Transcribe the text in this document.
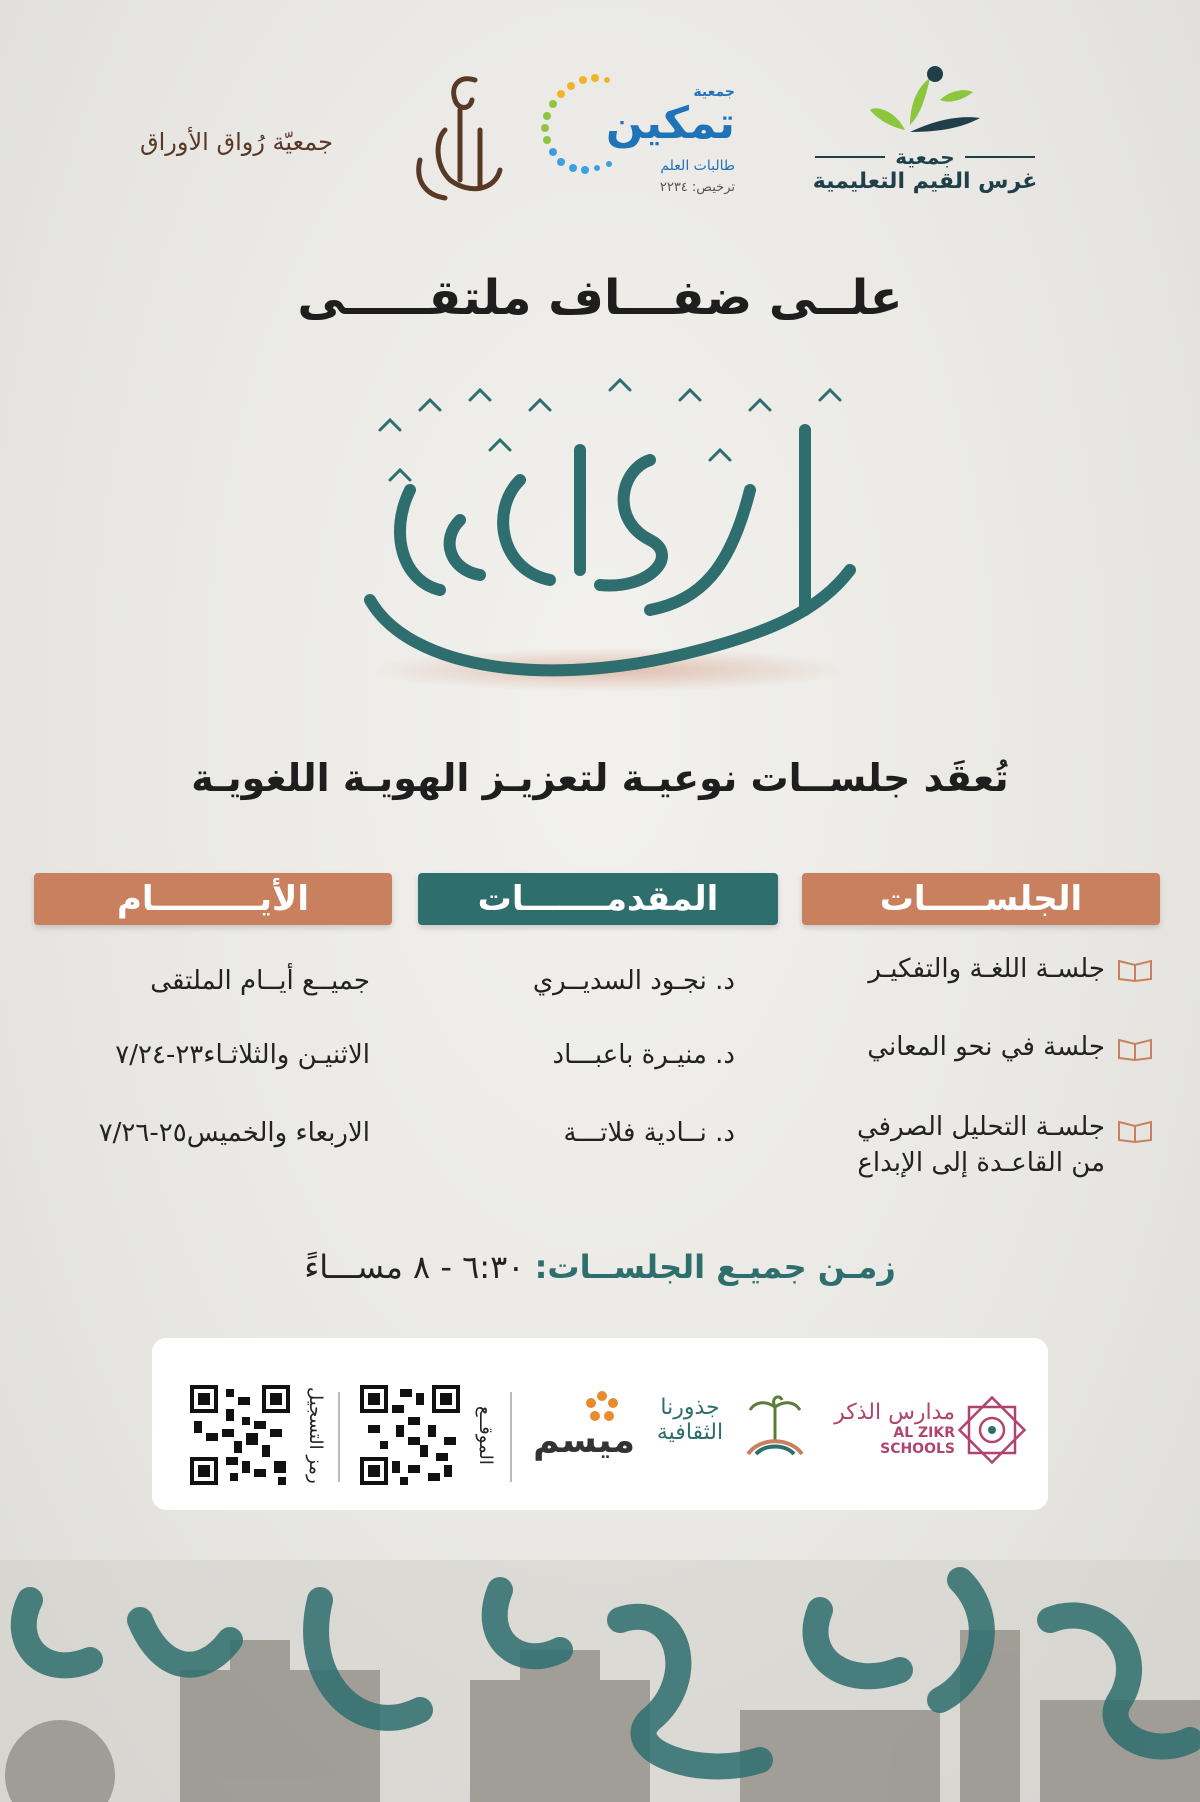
جمعية
غرس القيم التعليمية
جمعية
تمكين
طالبات العلم
ترخيص: ٢٢٣٤
جمعيّة رُواق الأوراق
علــى ضفـــاف ملتقـــــى
تُعقَد جلســات نوعيـة لتعزيـز الهويـة اللغويـة
الجلســـــات
المقدمـــــــات
الأيـــــــــام
جلسـة اللغـة والتفكيـر
د. نجـود السديــري
جميــع أيــام الملتقى
جلسة في نحو المعاني
د. منيـرة باعبـــاد
الاثنيـن والثلاثـاء٢٣-٧/٢٤
جلسـة التحليل الصرفي
من القاعـدة إلى الإبداع
د. نــادية فلاتـــة
الاربعاء والخميس٢٥-٧/٢٦
زمـن جميـع الجلســات: ٦:٣٠ - ٨ مســـاءً
رمز التسجيل	الموقــع ميسم
جذورنا
الثقافية
مدارس الذكر
AL ZIKR SCHOOLS
